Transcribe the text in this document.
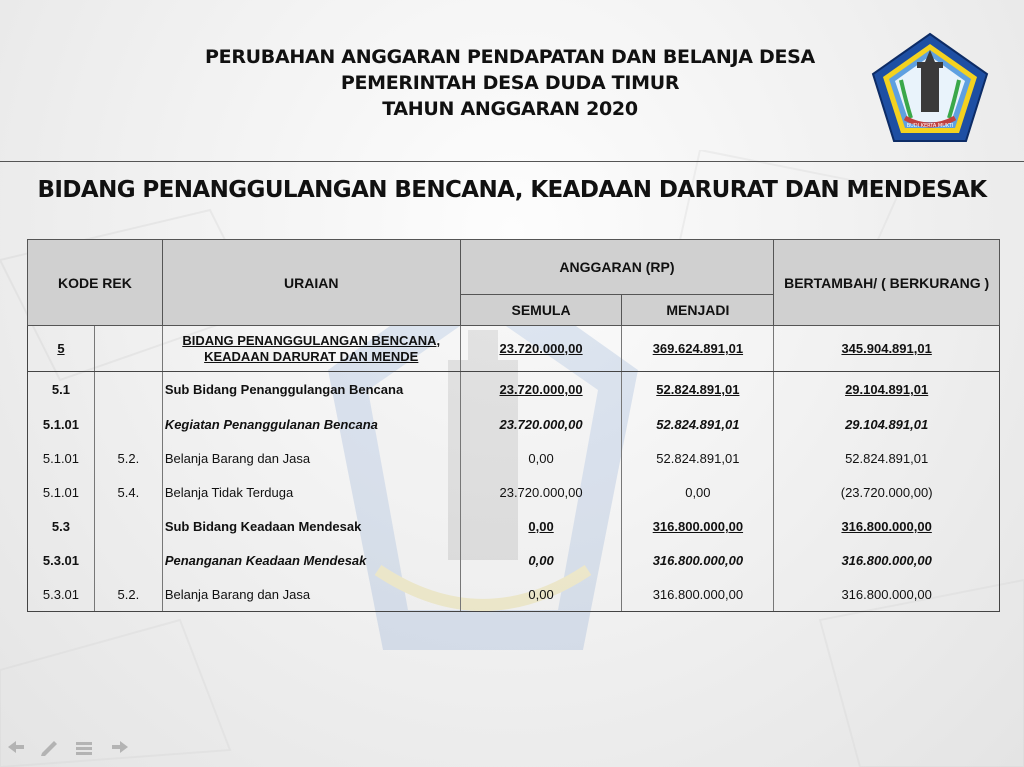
PERUBAHAN ANGGARAN PENDAPATAN DAN BELANJA DESA
PEMERINTAH DESA DUDA TIMUR
TAHUN ANGGARAN 2020
BUDI KERTA MUKTI
BIDANG PENANGGULANGAN BENCANA, KEADAAN DARURAT DAN MENDESAK
KODE REK		URAIAN	ANGGARAN (RP)		BERTAMBAH/ ( BERKURANG )
			SEMULA	MENJADI	
5		BIDANG PENANGGULANGAN BENCANA, KEADAAN DARURAT DAN MENDE	23.720.000,00	369.624.891,01	345.904.891,01
5.1		Sub Bidang Penanggulangan Bencana	23.720.000,00	52.824.891,01	29.104.891,01
5.1.01		Kegiatan Penanggulanan Bencana	23.720.000,00	52.824.891,01	29.104.891,01
5.1.01	5.2.	Belanja Barang dan Jasa	0,00	52.824.891,01	52.824.891,01
5.1.01	5.4.	Belanja Tidak Terduga	23.720.000,00	0,00	(23.720.000,00)
5.3		Sub Bidang Keadaan Mendesak	0,00	316.800.000,00	316.800.000,00
5.3.01		Penanganan Keadaan Mendesak	0,00	316.800.000,00	316.800.000,00
5.3.01	5.2.	Belanja Barang dan Jasa	0,00	316.800.000,00	316.800.000,00
